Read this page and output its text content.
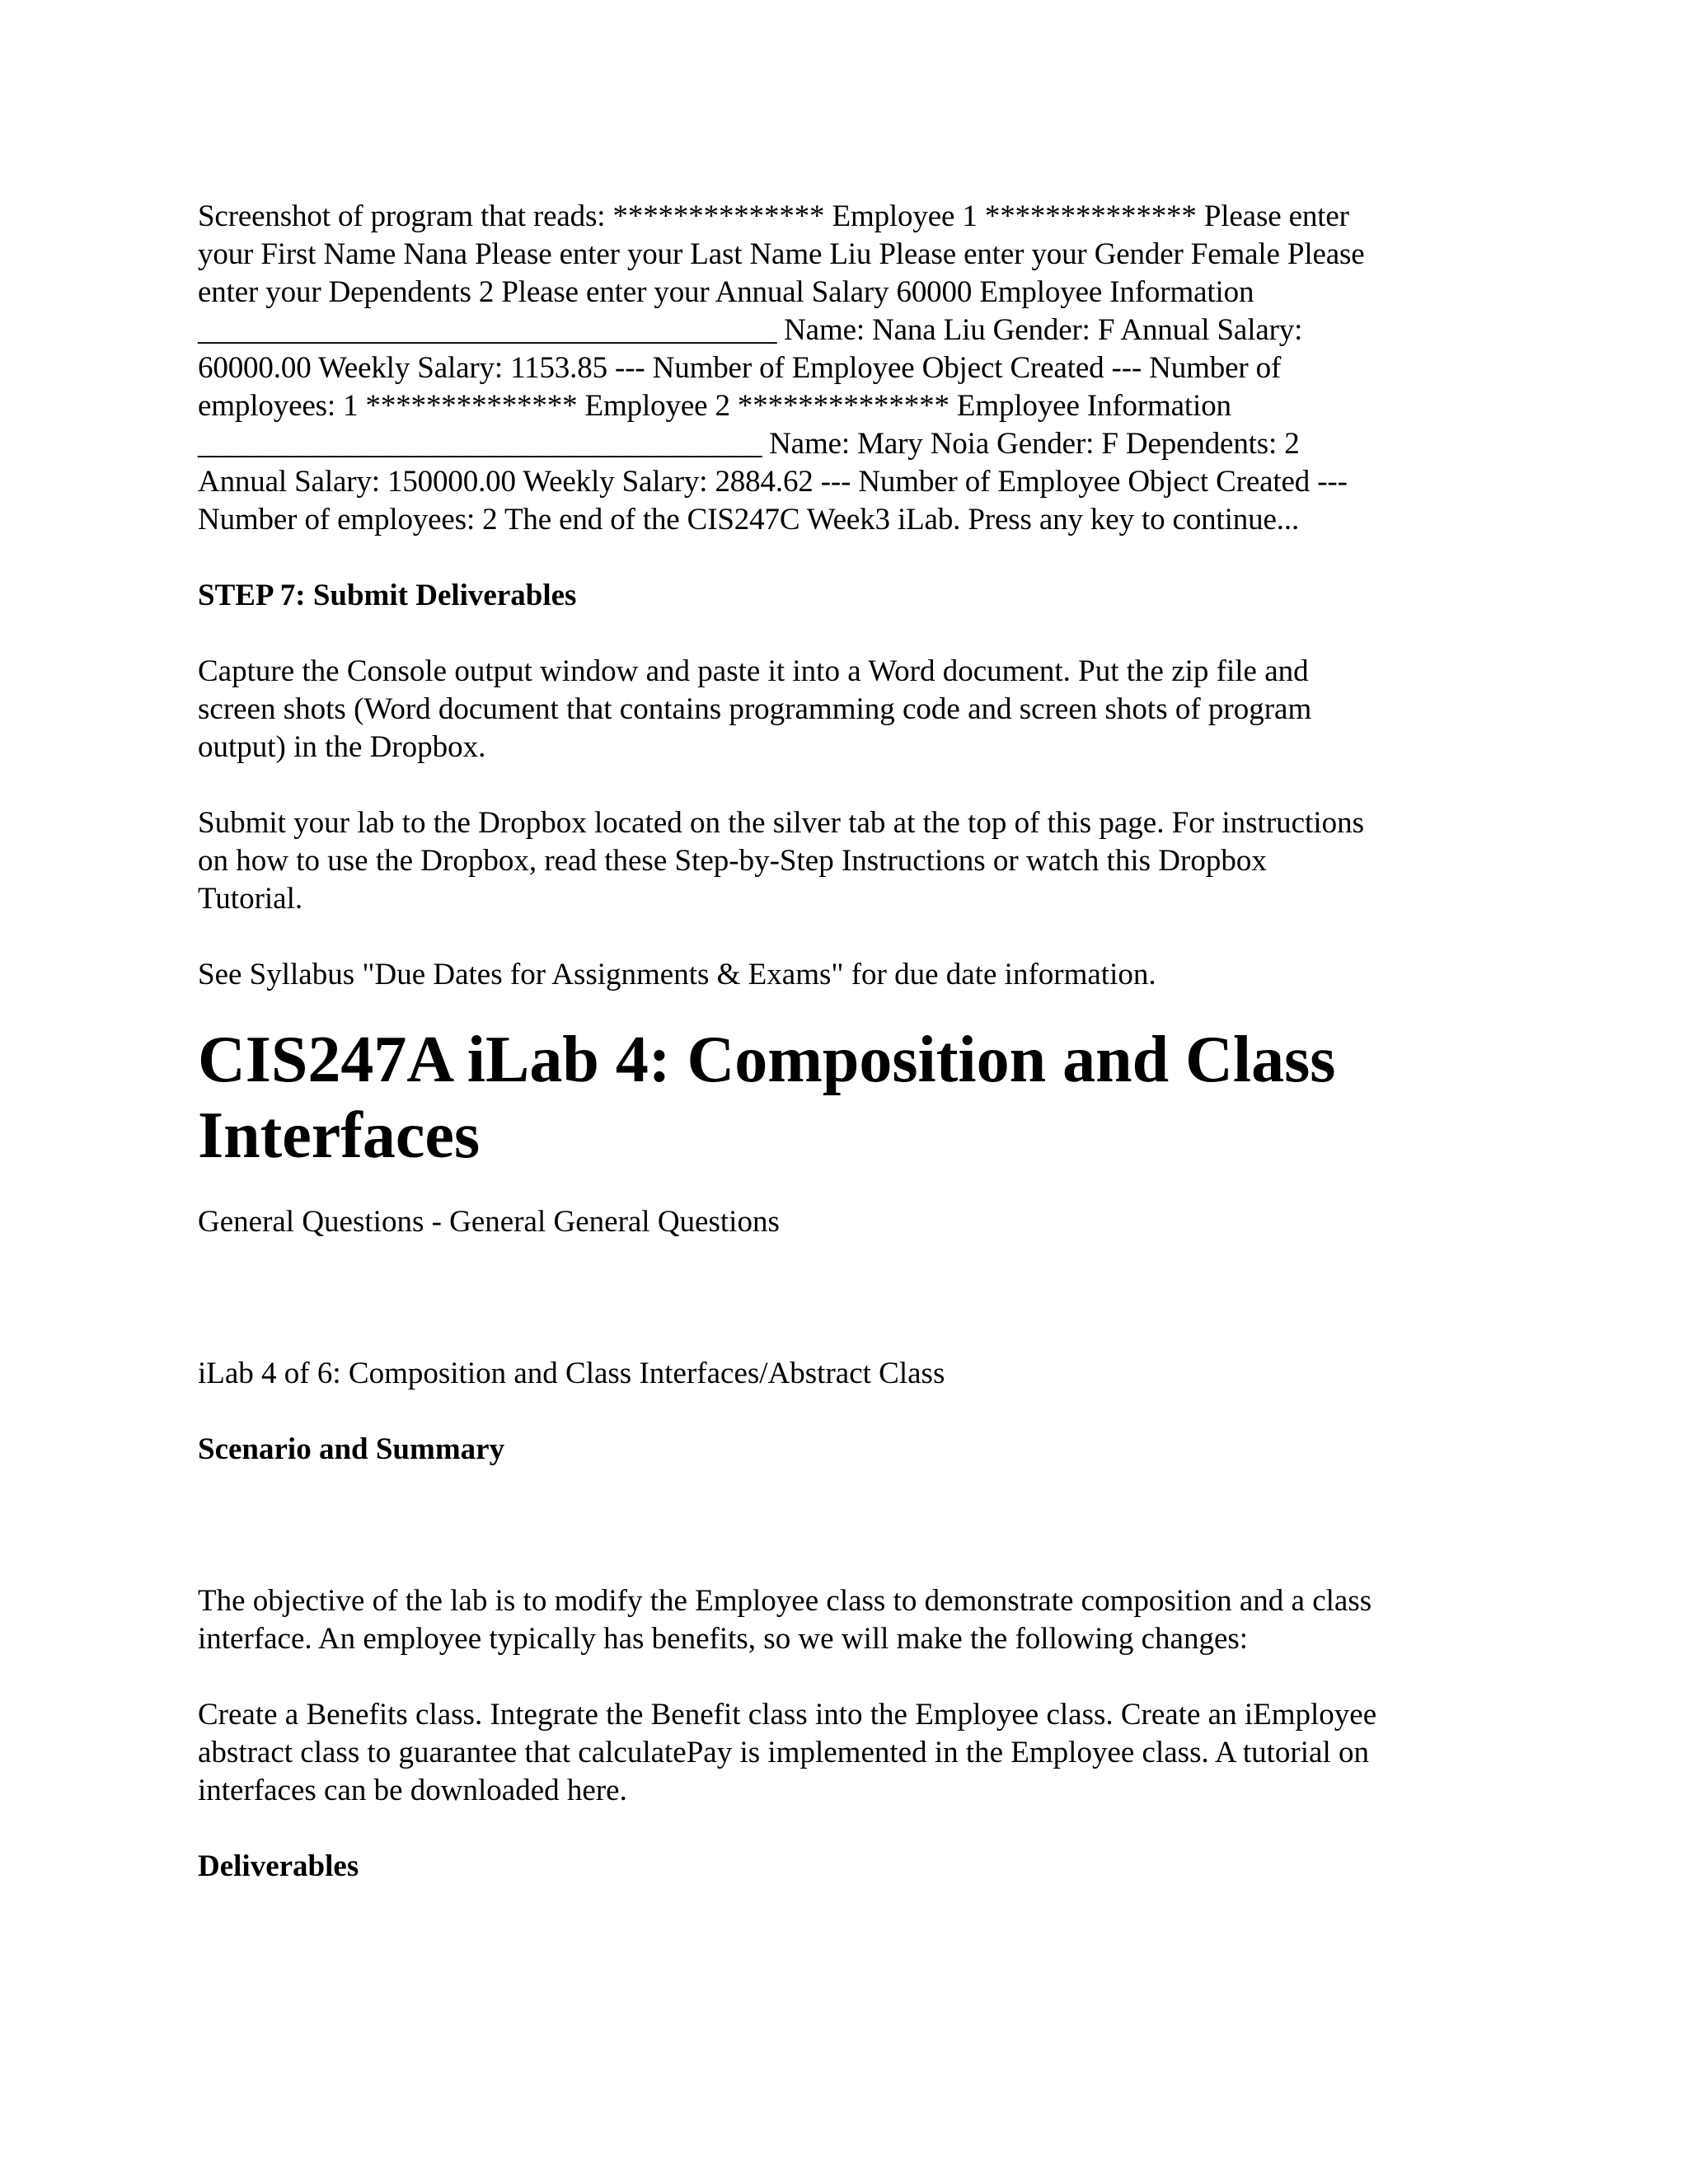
Screenshot of program that reads: ************** Employee 1 ************** Please enter

your First Name Nana Please enter your Last Name Liu Please enter your Gender Female Please

enter your Dependents 2 Please enter your Annual Salary 60000 Employee Information

_______________________________________ Name: Nana Liu Gender: F Annual Salary:

60000.00 Weekly Salary: 1153.85 --- Number of Employee Object Created --- Number of

employees: 1 ************** Employee 2 ************** Employee Information

______________________________________ Name: Mary Noia Gender: F Dependents: 2

Annual Salary: 150000.00 Weekly Salary: 2884.62 --- Number of Employee Object Created ---

Number of employees: 2 The end of the CIS247C Week3 iLab. Press any key to continue...

STEP 7: Submit Deliverables

Capture the Console output window and paste it into a Word document. Put the zip file and

screen shots (Word document that contains programming code and screen shots of program

output) in the Dropbox.

Submit your lab to the Dropbox located on the silver tab at the top of this page. For instructions

on how to use the Dropbox, read these Step-by-Step Instructions or watch this Dropbox

Tutorial.

See Syllabus "Due Dates for Assignments & Exams" for due date information.

CIS247A iLab 4: Composition and Class

Interfaces

General Questions - General General Questions

iLab 4 of 6: Composition and Class Interfaces/Abstract Class

Scenario and Summary

The objective of the lab is to modify the Employee class to demonstrate composition and a class

interface. An employee typically has benefits, so we will make the following changes:

Create a Benefits class. Integrate the Benefit class into the Employee class. Create an iEmployee

abstract class to guarantee that calculatePay is implemented in the Employee class. A tutorial on

interfaces can be downloaded here.

Deliverables
